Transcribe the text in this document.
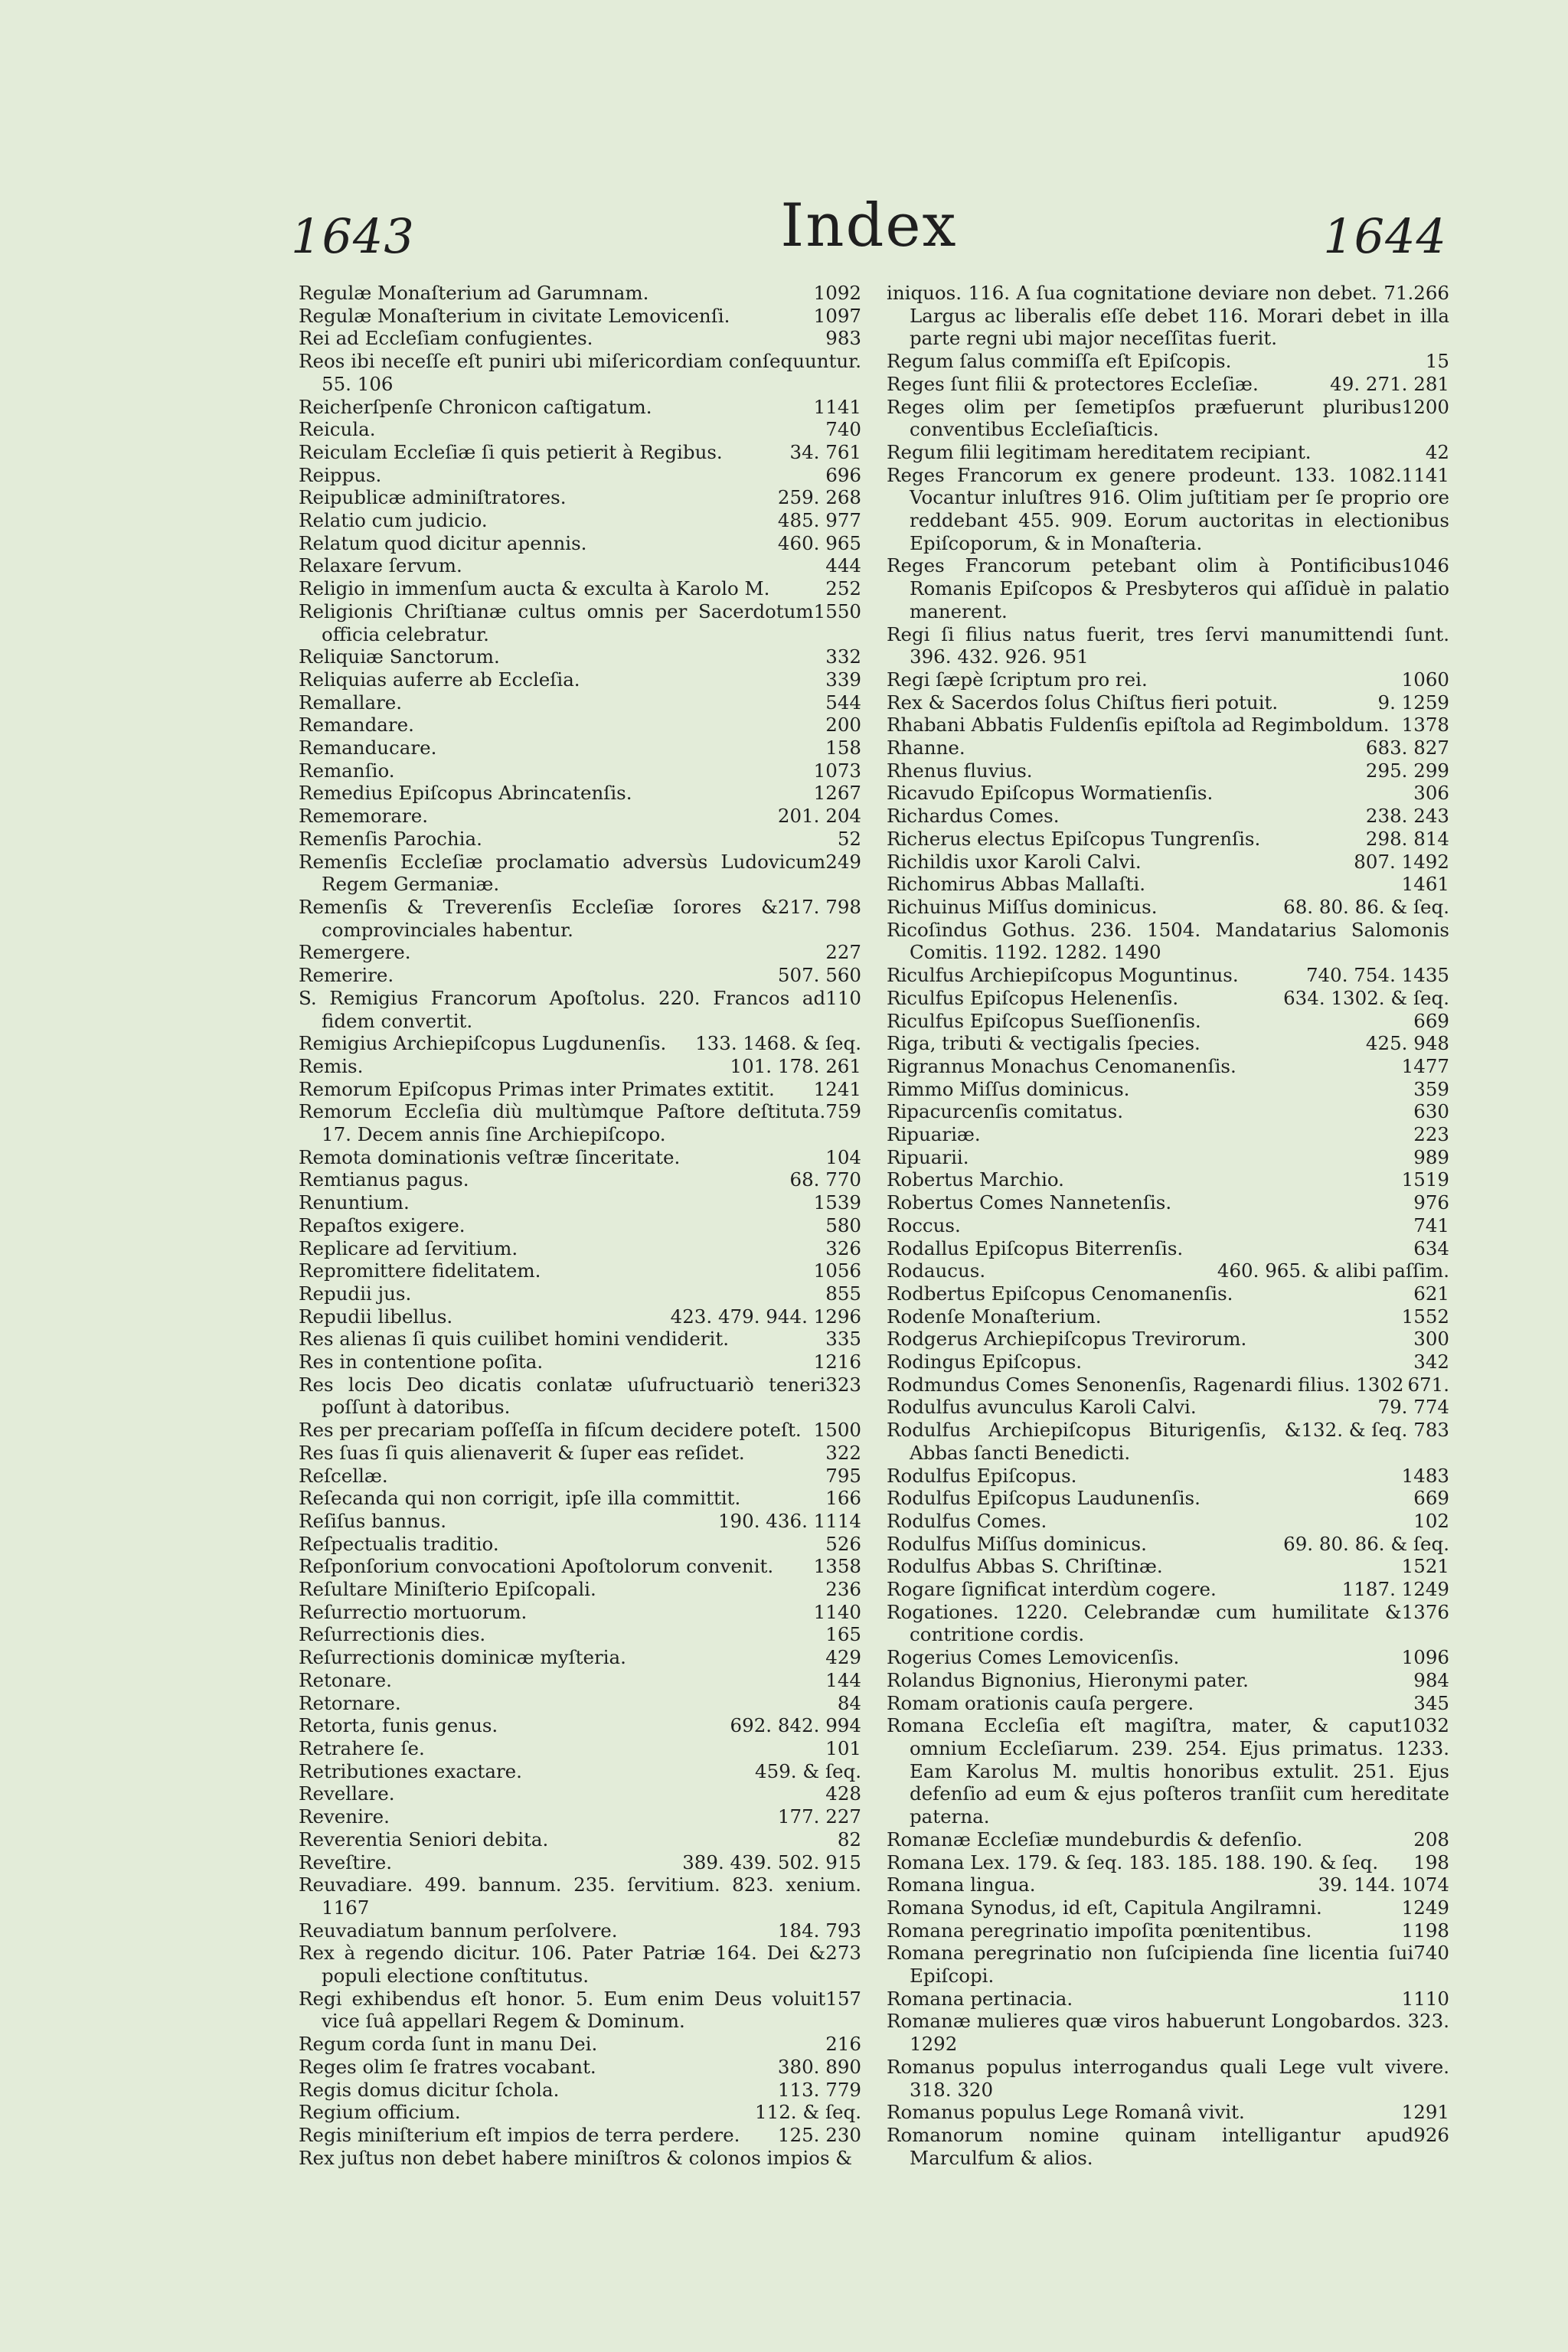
1643	Index	1644
1092
Regulæ Monaſterium ad Garumnam.
1097
Regulæ Monaſterium in civitate Lemovicenſi.
983
Rei ad Eccleſiam confugientes.
Reos ibi neceſſe eſt puniri ubi miſericordiam conſequuntur. 55. 106
1141
Reicherſpenſe Chronicon caſtigatum.
740
Reicula.
34. 761
Reiculam Eccleſiæ ſi quis petierit à Regibus.
696
Reippus.
259. 268
Reipublicæ adminiſtratores.
485. 977
Relatio cum judicio.
460. 965
Relatum quod dicitur apennis.
444
Relaxare ſervum.
252
Religio in immenſum aucta & exculta à Karolo M.
1550
Religionis Chriſtianæ cultus omnis per Sacerdotum officia celebratur.
332
Reliquiæ Sanctorum.
339
Reliquias auferre ab Eccleſia.
544
Remallare.
200
Remandare.
158
Remanducare.
1073
Remanſio.
1267
Remedius Epiſcopus Abrincatenſis.
201. 204
Rememorare.
52
Remenſis Parochia.
249
Remenſis Eccleſiæ proclamatio adversùs Ludovicum Regem Germaniæ.
217. 798
Remenſis & Treverenſis Eccleſiæ ſorores & comprovinciales habentur.
227
Remergere.
507. 560
Remerire.
110
S. Remigius Francorum Apoſtolus. 220. Francos ad fidem convertit.
133. 1468. & ſeq.
Remigius Archiepiſcopus Lugdunenſis.
101. 178. 261
Remis.
1241
Remorum Epiſcopus Primas inter Primates extitit.
759
Remorum Eccleſia diù multùmque Paſtore deſtituta. 17. Decem annis ſine Archiepiſcopo.
104
Remota dominationis veſtræ ſinceritate.
68. 770
Remtianus pagus.
1539
Renuntium.
580
Repaſtos exigere.
326
Replicare ad ſervitium.
1056
Repromittere fidelitatem.
855
Repudii jus.
423. 479. 944. 1296
Repudii libellus.
335
Res alienas ſi quis cuilibet homini vendiderit.
1216
Res in contentione poſita.
323
Res locis Deo dicatis conlatæ uſufructuariò teneri poſſunt à datoribus.
1500
Res per precariam poſſeſſa in fiſcum decidere poteſt.
322
Res ſuas ſi quis alienaverit & ſuper eas reſidet.
795
Reſcellæ.
166
Reſecanda qui non corrigit, ipſe illa committit.
190. 436. 1114
Reſiſus bannus.
526
Reſpectualis traditio.
1358
Reſponſorium convocationi Apoſtolorum convenit.
236
Reſultare Miniſterio Epiſcopali.
1140
Reſurrectio mortuorum.
165
Reſurrectionis dies.
429
Reſurrectionis dominicæ myſteria.
144
Retonare.
84
Retornare.
692. 842. 994
Retorta, funis genus.
101
Retrahere ſe.
459. & ſeq.
Retributiones exactare.
428
Revellare.
177. 227
Revenire.
82
Reverentia Seniori debita.
389. 439. 502. 915
Reveſtire.
Reuvadiare. 499. bannum. 235. ſervitium. 823. xenium. 1167
184. 793
Reuvadiatum bannum perſolvere.
273
Rex à regendo dicitur. 106. Pater Patriæ 164. Dei & populi electione conſtitutus.
157
Regi exhibendus eſt honor. 5. Eum enim Deus voluit vice ſuâ appellari Regem & Dominum.
216
Regum corda ſunt in manu Dei.
380. 890
Reges olim ſe fratres vocabant.
113. 779
Regis domus dicitur ſchola.
112. & ſeq.
Regium officium.
125. 230
Regis miniſterium eſt impios de terra perdere.
Rex juſtus non debet habere miniſtros & colonos impios &
266
iniquos. 116. A ſua cognitatione deviare non debet. 71. Largus ac liberalis eſſe debet 116. Morari debet in illa parte regni ubi major neceſſitas fuerit.
15
Regum ſalus commiſſa eſt Epiſcopis.
49. 271. 281
Reges ſunt filii & protectores Eccleſiæ.
1200
Reges olim per ſemetipſos præfuerunt pluribus conventibus Eccleſiaſticis.
42
Regum filii legitimam hereditatem recipiant.
1141
Reges Francorum ex genere prodeunt. 133. 1082. Vocantur inluſtres 916. Olim juſtitiam per ſe proprio ore reddebant 455. 909. Eorum auctoritas in electionibus Epiſcoporum, & in Monaſteria.
1046
Reges Francorum petebant olim à Pontificibus Romanis Epiſcopos & Presbyteros qui aſſiduè in palatio manerent.
Regi ſi filius natus fuerit, tres ſervi manumittendi ſunt. 396. 432. 926. 951
1060
Regi ſæpè ſcriptum pro rei.
9. 1259
Rex & Sacerdos ſolus Chiſtus fieri potuit.
1378
Rhabani Abbatis Fuldenſis epiſtola ad Regimboldum.
683. 827
Rhanne.
295. 299
Rhenus fluvius.
306
Ricavudo Epiſcopus Wormatienſis.
238. 243
Richardus Comes.
298. 814
Richerus electus Epiſcopus Tungrenſis.
807. 1492
Richildis uxor Karoli Calvi.
1461
Richomirus Abbas Mallaſti.
68. 80. 86. & ſeq.
Richuinus Miſſus dominicus.
Ricoſindus Gothus. 236. 1504. Mandatarius Salomonis Comitis. 1192. 1282. 1490
740. 754. 1435
Riculfus Archiepiſcopus Moguntinus.
634. 1302. & ſeq.
Riculfus Epiſcopus Helenenſis.
669
Riculfus Epiſcopus Sueſſionenſis.
425. 948
Riga, tributi & vectigalis ſpecies.
1477
Rigrannus Monachus Cenomanenſis.
359
Rimmo Miſſus dominicus.
630
Ripacurcenſis comitatus.
223
Ripuariæ.
989
Ripuarii.
1519
Robertus Marchio.
976
Robertus Comes Nannetenſis.
741
Roccus.
634
Rodallus Epiſcopus Biterrenſis.
460. 965. & alibi paſſim.
Rodaucus.
621
Rodbertus Epiſcopus Cenomanenſis.
1552
Rodenſe Monaſterium.
300
Rodgerus Archiepiſcopus Trevirorum.
342
Rodingus Epiſcopus.
671.
Rodmundus Comes Senonenſis, Ragenardi filius. 1302
79. 774
Rodulfus avunculus Karoli Calvi.
132. & ſeq. 783
Rodulfus Archiepiſcopus Biturigenſis, & Abbas ſancti Benedicti.
1483
Rodulfus Epiſcopus.
669
Rodulfus Epiſcopus Laudunenſis.
102
Rodulfus Comes.
69. 80. 86. & ſeq.
Rodulfus Miſſus dominicus.
1521
Rodulfus Abbas S. Chriſtinæ.
1187. 1249
Rogare ſignificat interdùm cogere.
1376
Rogationes. 1220. Celebrandæ cum humilitate & contritione cordis.
1096
Rogerius Comes Lemovicenſis.
984
Rolandus Bignonius, Hieronymi pater.
345
Romam orationis cauſa pergere.
1032
Romana Eccleſia eſt magiſtra, mater, & caput omnium Eccleſiarum. 239. 254. Ejus primatus. 1233. Eam Karolus M. multis honoribus extulit. 251. Ejus defenſio ad eum & ejus poſteros tranſiit cum hereditate paterna.
208
Romanæ Eccleſiæ mundeburdis & defenſio.
198
Romana Lex. 179. & ſeq. 183. 185. 188. 190. & ſeq.
39. 144. 1074
Romana lingua.
1249
Romana Synodus, id eſt, Capitula Angilramni.
1198
Romana peregrinatio impoſita pœnitentibus.
740
Romana peregrinatio non ſuſcipienda ſine licentia ſui Epiſcopi.
1110
Romana pertinacia.
Romanæ mulieres quæ viros habuerunt Longobardos. 323. 1292
Romanus populus interrogandus quali Lege vult vivere. 318. 320
1291
Romanus populus Lege Romanâ vivit.
926
Romanorum nomine quinam intelligantur apud Marculfum & alios.
